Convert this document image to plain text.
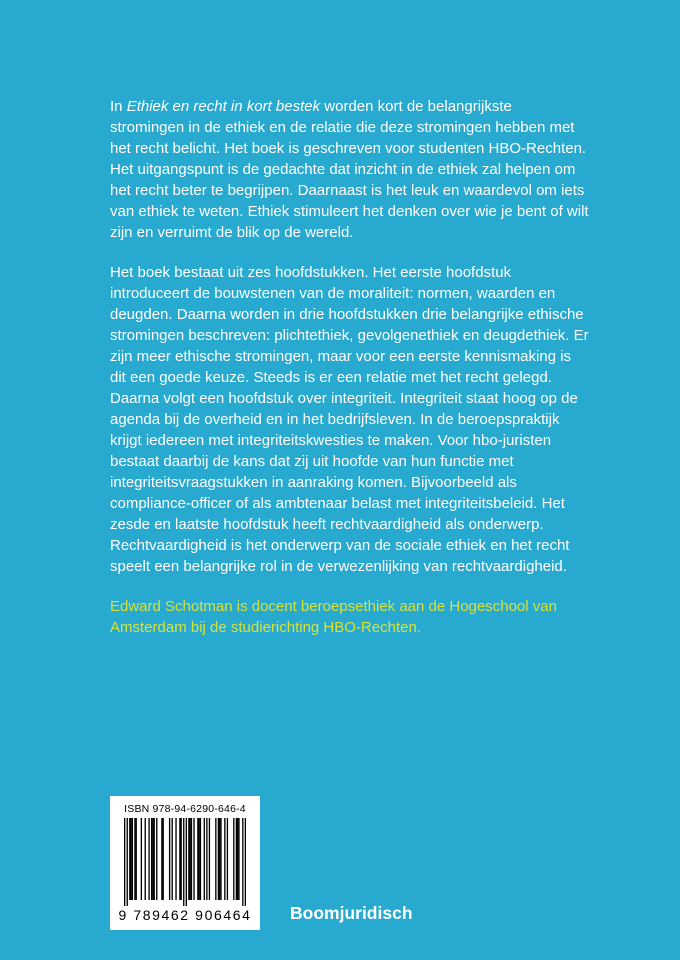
In Ethiek en recht in kort bestek worden kort de belangrijkste stromingen in de ethiek en de relatie die deze stromingen hebben met het recht belicht. Het boek is geschreven voor studenten HBO-Rechten. Het uitgangspunt is de gedachte dat inzicht in de ethiek zal helpen om het recht beter te begrijpen. Daarnaast is het leuk en waardevol om iets van ethiek te weten. Ethiek stimuleert het denken over wie je bent of wilt zijn en verruimt de blik op de wereld.

Het boek bestaat uit zes hoofdstukken. Het eerste hoofdstuk introduceert de bouwstenen van de moraliteit: normen, waarden en deugden. Daarna worden in drie hoofdstukken drie belangrijke ethische stromingen beschreven: plichtethiek, gevolgenethiek en deugdethiek. Er zijn meer ethische stromingen, maar voor een eerste kennismaking is dit een goede keuze. Steeds is er een relatie met het recht gelegd. Daarna volgt een hoofdstuk over integriteit. Integriteit staat hoog op de agenda bij de overheid en in het bedrijfsleven. In de beroepspraktijk krijgt iedereen met integriteitskwesties te maken. Voor hbo-juristen bestaat daarbij de kans dat zij uit hoofde van hun functie met integriteitsvraagstukken in aanraking komen. Bijvoorbeeld als compliance-officer of als ambtenaar belast met integriteitsbeleid. Het zesde en laatste hoofdstuk heeft rechtvaardigheid als onderwerp. Rechtvaardigheid is het onderwerp van de sociale ethiek en het recht speelt een belangrijke rol in de verwezenlijking van rechtvaardigheid.

Edward Schotman is docent beroepsethiek aan de Hogeschool van Amsterdam bij de studierichting HBO-Rechten.

ISBN 978-94-6290-646-4
9 789462 906464 Boomjuridisch
